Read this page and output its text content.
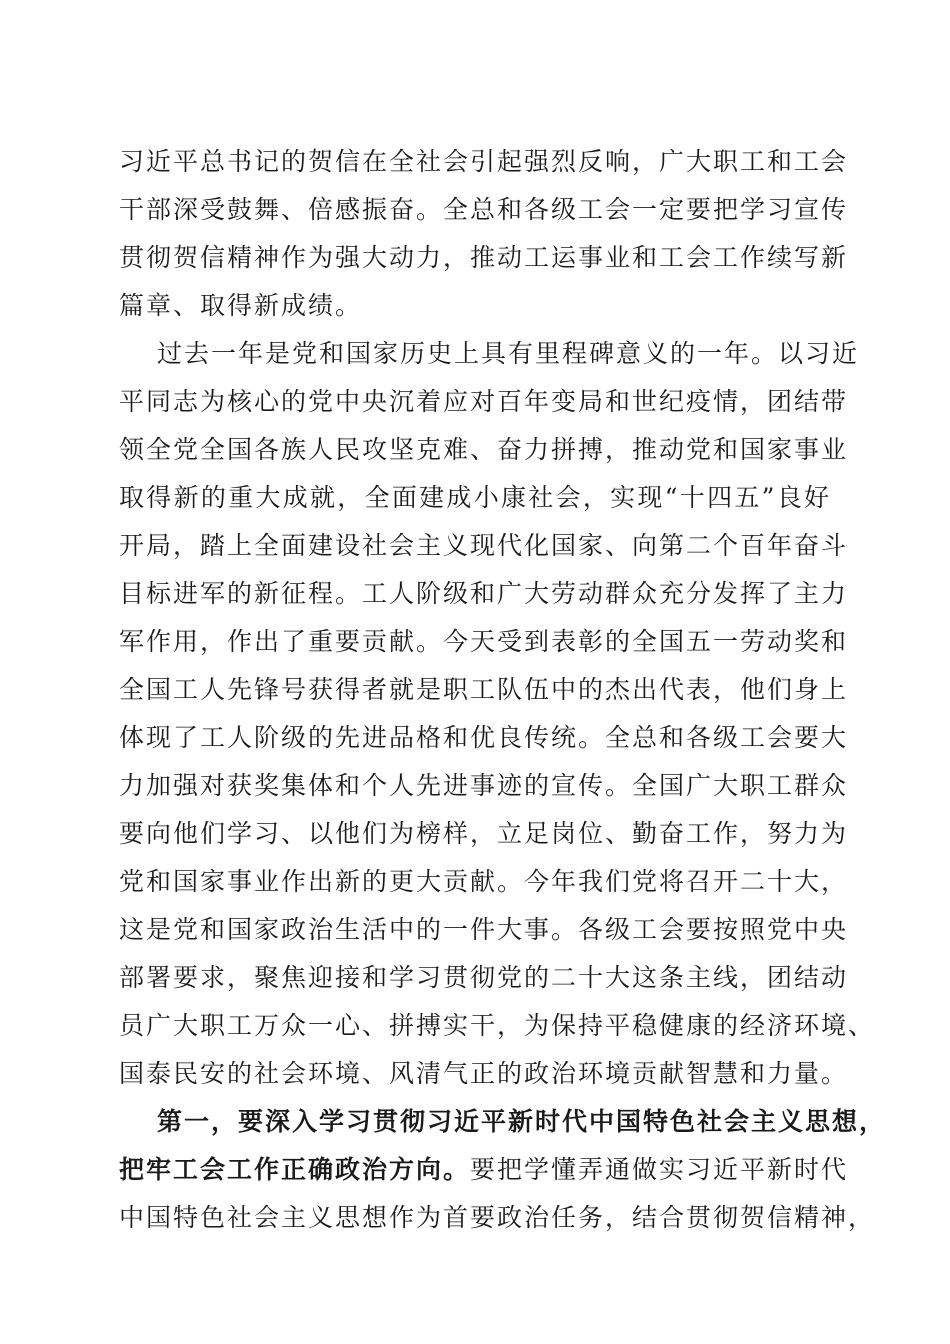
习近平总书记的贺信在全社会引起强烈反响，广大职工和工会
干部深受鼓舞、倍感振奋。全总和各级工会一定要把学习宣传
贯彻贺信精神作为强大动力，推动工运事业和工会工作续写新
篇章、取得新成绩。
过去一年是党和国家历史上具有里程碑意义的一年。以习近
平同志为核心的党中央沉着应对百年变局和世纪疫情，团结带
领全党全国各族人民攻坚克难、奋力拼搏，推动党和国家事业
取得新的重大成就，全面建成小康社会，实现“十四五”良好
开局，踏上全面建设社会主义现代化国家、向第二个百年奋斗
目标进军的新征程。工人阶级和广大劳动群众充分发挥了主力
军作用，作出了重要贡献。今天受到表彰的全国五一劳动奖和
全国工人先锋号获得者就是职工队伍中的杰出代表，他们身上
体现了工人阶级的先进品格和优良传统。全总和各级工会要大
力加强对获奖集体和个人先进事迹的宣传。全国广大职工群众
要向他们学习、以他们为榜样，立足岗位、勤奋工作，努力为
党和国家事业作出新的更大贡献。今年我们党将召开二十大，
这是党和国家政治生活中的一件大事。各级工会要按照党中央
部署要求，聚焦迎接和学习贯彻党的二十大这条主线，团结动
员广大职工万众一心、拼搏实干，为保持平稳健康的经济环境、
国泰民安的社会环境、风清气正的政治环境贡献智慧和力量。
第一，要深入学习贯彻习近平新时代中国特色社会主义思想，
把牢工会工作正确政治方向。要把学懂弄通做实习近平新时代
中国特色社会主义思想作为首要政治任务，结合贯彻贺信精神，
